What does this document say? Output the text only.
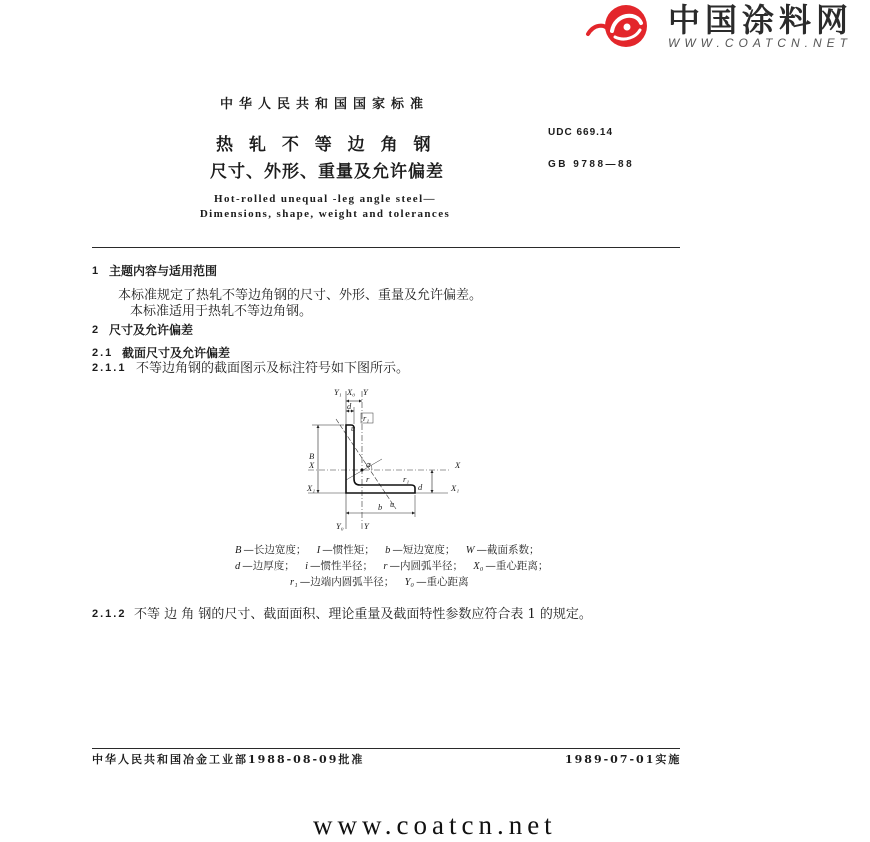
中国涂料网
WWW.COATCN.NET
中华人民共和国国家标准
热 轧 不 等 边 角 钢
尺寸、外形、重量及允许偏差
Hot-rolled unequal -leg angle steel—
Dimensions, shape, weight and tolerances
UDC 669.14
GB 9788—88
1 主题内容与适用范围
本标准规定了热轧不等边角钢的尺寸、外形、重量及允许偏差。
本标准适用于热轧不等边角钢。
2 尺寸及允许偏差
2.1 截面尺寸及允许偏差
2.1.1 不等边角钢的截面图示及标注符号如下图所示。
Y₁ X₀ Y
d
r₁
B
X	X
X₁	X₁
b
Y₀ Y
u
α
r	r₁
d
u
B —长边宽度； I —惯性矩； b —短边宽度； W —截面系数；
d —边厚度； i —惯性半径； r —内圆弧半径； X₀ —重心距离；
r₁ —边端内圆弧半径； Y₀ —重心距离
2.1.2 不等 边 角 钢的尺寸、截面面积、理论重量及截面特性参数应符合表 1 的规定。
中华人民共和国冶金工业部1988-08-09批准	1989-07-01实施
www.coatcn.net
